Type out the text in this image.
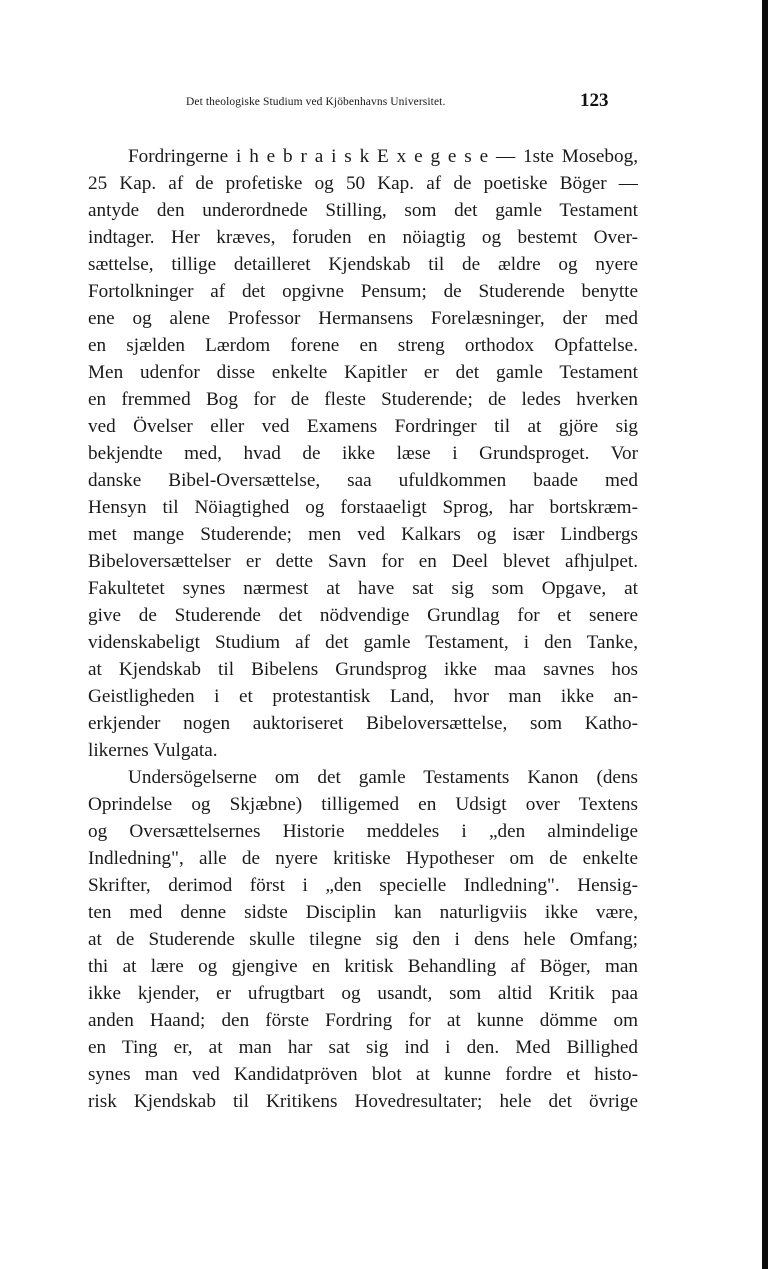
Det theologiske Studium ved Kjöbenhavns Universitet.	123
Fordringerne i h e b r a i s k E x e g e s e — 1ste Mosebog,
25 Kap. af de profetiske og 50 Kap. af de poetiske Böger —
antyde den underordnede Stilling, som det gamle Testament
indtager. Her kræves, foruden en nöiagtig og bestemt Over-
sættelse, tillige detailleret Kjendskab til de ældre og nyere
Fortolkninger af det opgivne Pensum; de Studerende benytte
ene og alene Professor Hermansens Forelæsninger, der med
en sjælden Lærdom forene en streng orthodox Opfattelse.
Men udenfor disse enkelte Kapitler er det gamle Testament
en fremmed Bog for de fleste Studerende; de ledes hverken
ved Övelser eller ved Examens Fordringer til at gjöre sig
bekjendte med, hvad de ikke læse i Grundsproget. Vor
danske Bibel-Oversættelse, saa ufuldkommen baade med
Hensyn til Nöiagtighed og forstaaeligt Sprog, har bortskræm-
met mange Studerende; men ved Kalkars og især Lindbergs
Bibeloversættelser er dette Savn for en Deel blevet afhjulpet.
Fakultetet synes nærmest at have sat sig som Opgave, at
give de Studerende det nödvendige Grundlag for et senere
videnskabeligt Studium af det gamle Testament, i den Tanke,
at Kjendskab til Bibelens Grundsprog ikke maa savnes hos
Geistligheden i et protestantisk Land, hvor man ikke an-
erkjender nogen auktoriseret Bibeloversættelse, som Katho-
likernes Vulgata.
Undersögelserne om det gamle Testaments Kanon (dens
Oprindelse og Skjæbne) tilligemed en Udsigt over Textens
og Oversættelsernes Historie meddeles i „den almindelige
Indledning", alle de nyere kritiske Hypotheser om de enkelte
Skrifter, derimod först i „den specielle Indledning". Hensig-
ten med denne sidste Disciplin kan naturligviis ikke være,
at de Studerende skulle tilegne sig den i dens hele Omfang;
thi at lære og gjengive en kritisk Behandling af Böger, man
ikke kjender, er ufrugtbart og usandt, som altid Kritik paa
anden Haand; den förste Fordring for at kunne dömme om
en Ting er, at man har sat sig ind i den. Med Billighed
synes man ved Kandidatpröven blot at kunne fordre et histo-
risk Kjendskab til Kritikens Hovedresultater; hele det övrige
